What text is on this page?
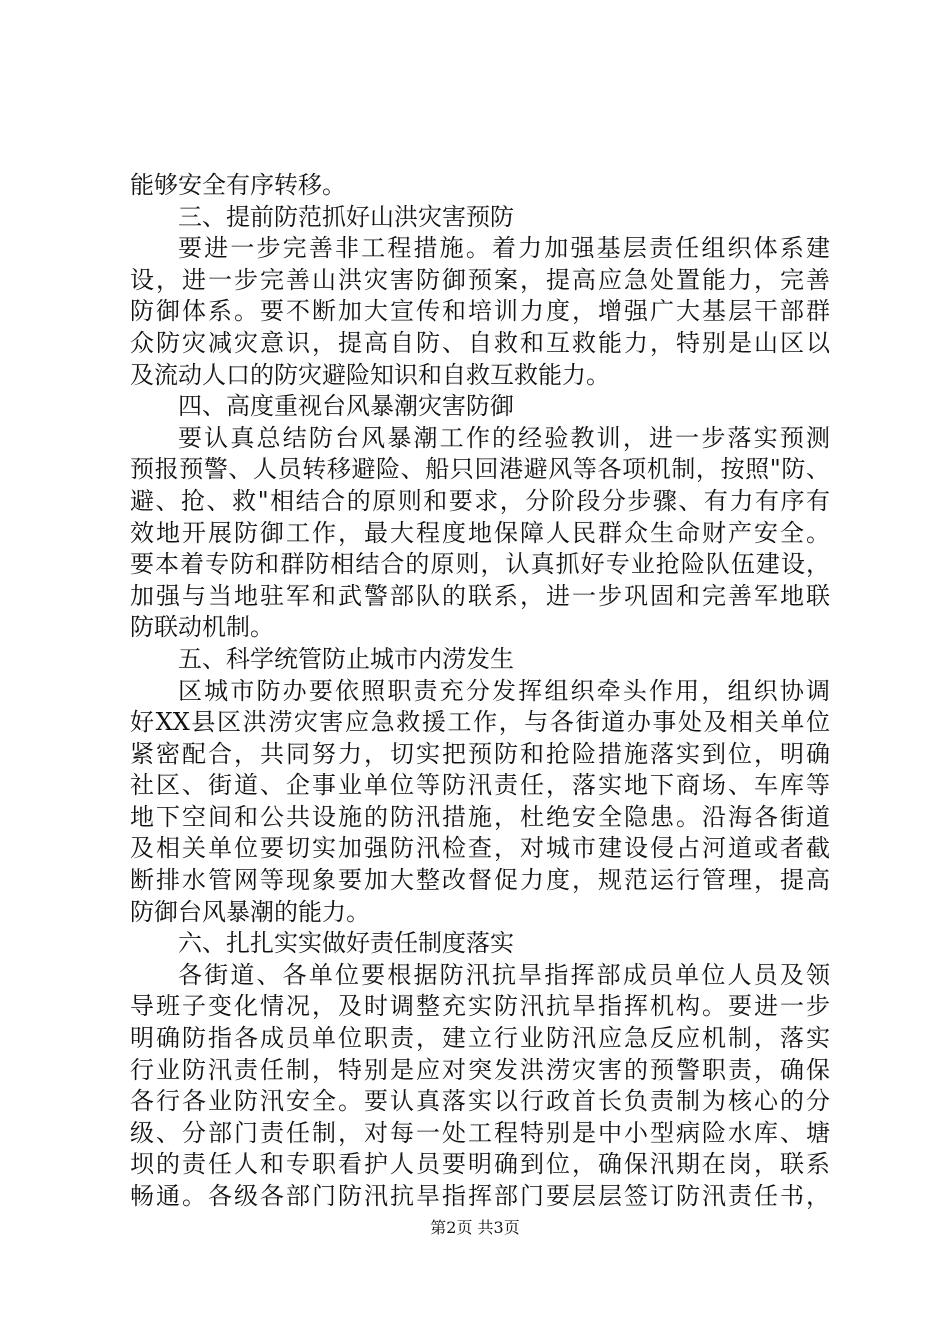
能够安全有序转移。
三、提前防范抓好山洪灾害预防
要进一步完善非工程措施。着力加强基层责任组织体系建
设，进一步完善山洪灾害防御预案，提高应急处置能力，完善
防御体系。要不断加大宣传和培训力度，增强广大基层干部群
众防灾减灾意识，提高自防、自救和互救能力，特别是山区以
及流动人口的防灾避险知识和自救互救能力。
四、高度重视台风暴潮灾害防御
要认真总结防台风暴潮工作的经验教训，进一步落实预测
预报预警、人员转移避险、船只回港避风等各项机制，按照"防、
避、抢、救"相结合的原则和要求，分阶段分步骤、有力有序有
效地开展防御工作，最大程度地保障人民群众生命财产安全。
要本着专防和群防相结合的原则，认真抓好专业抢险队伍建设，
加强与当地驻军和武警部队的联系，进一步巩固和完善军地联
防联动机制。
五、科学统管防止城市内涝发生
区城市防办要依照职责充分发挥组织牵头作用，组织协调
好XX县区洪涝灾害应急救援工作，与各街道办事处及相关单位
紧密配合，共同努力，切实把预防和抢险措施落实到位，明确
社区、街道、企事业单位等防汛责任，落实地下商场、车库等
地下空间和公共设施的防汛措施，杜绝安全隐患。沿海各街道
及相关单位要切实加强防汛检查，对城市建设侵占河道或者截
断排水管网等现象要加大整改督促力度，规范运行管理，提高
防御台风暴潮的能力。
六、扎扎实实做好责任制度落实
各街道、各单位要根据防汛抗旱指挥部成员单位人员及领
导班子变化情况，及时调整充实防汛抗旱指挥机构。要进一步
明确防指各成员单位职责，建立行业防汛应急反应机制，落实
行业防汛责任制，特别是应对突发洪涝灾害的预警职责，确保
各行各业防汛安全。要认真落实以行政首长负责制为核心的分
级、分部门责任制，对每一处工程特别是中小型病险水库、塘
坝的责任人和专职看护人员要明确到位，确保汛期在岗，联系
畅通。各级各部门防汛抗旱指挥部门要层层签订防汛责任书，
第2页 共3页
